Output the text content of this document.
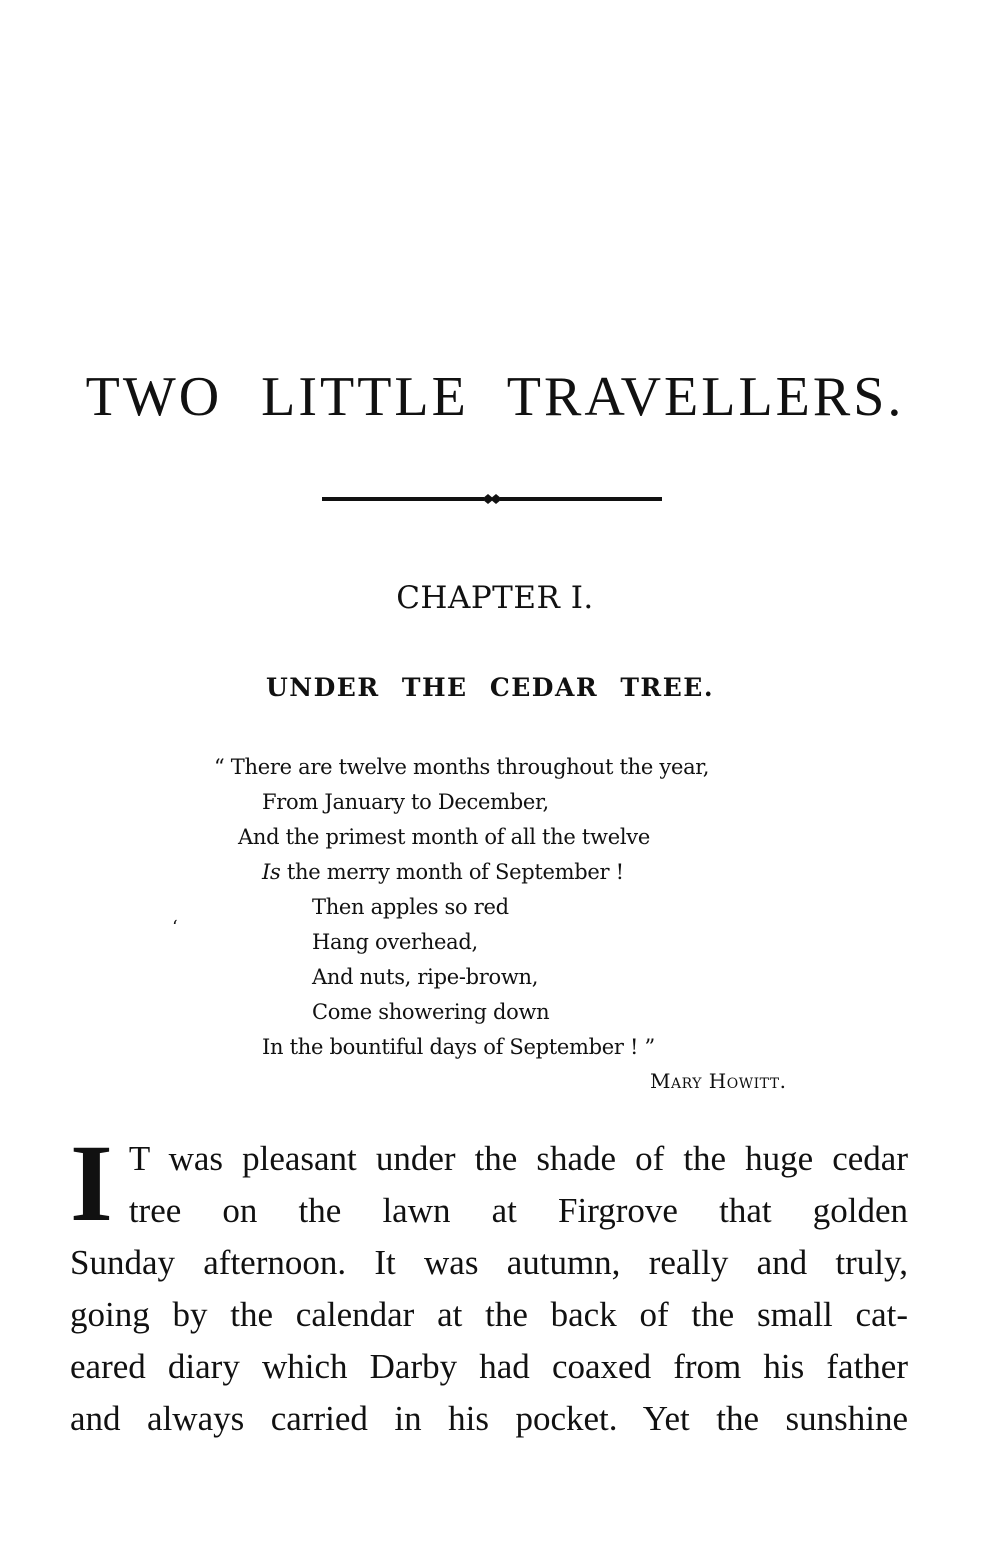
TWO LITTLE TRAVELLERS.
CHAPTER I.
UNDER THE CEDAR TREE.
“ There are twelve months throughout the year,
From January to December,
And the primest month of all the twelve
Is the merry month of September !
Then apples so red
Hang overhead,
And nuts, ripe-brown,
Come showering down
In the bountiful days of September ! ”
Mary Howitt.
‘
I T was pleasant under the shade of the huge cedar
tree on the lawn at Firgrove that golden
Sunday afternoon. It was autumn, really and truly,
going by the calendar at the back of the small cat-
eared diary which Darby had coaxed from his father
and always carried in his pocket. Yet the sunshine
